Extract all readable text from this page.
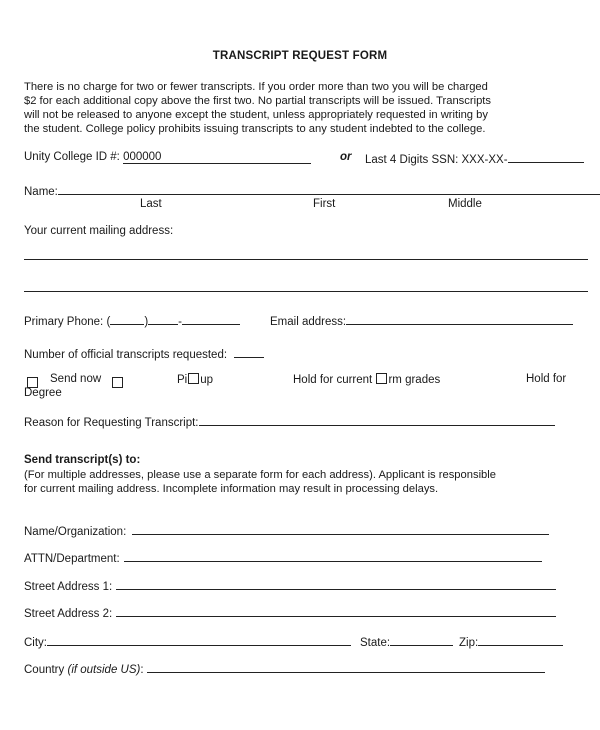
TRANSCRIPT REQUEST FORM
There is no charge for two or fewer transcripts. If you order more than two you will be charged
$2 for each additional copy above the first two. No partial transcripts will be issued. Transcripts
will not be released to anyone except the student, unless appropriately requested in writing by
the student. College policy prohibits issuing transcripts to any student indebted to the college.
Unity College ID #: 000000	or Last 4 Digits SSN: XXX-XX-
Name:
Last	First	Middle
Your current mailing address:
Primary Phone: (	)	-	Email address:
Number of official transcripts requested:
Send now	Pi up	Hold for current rm grades	Hold for
Degree
Reason for Requesting Transcript:
Send transcript(s) to:
(For multiple addresses, please use a separate form for each address). Applicant is responsible
for current mailing address. Incomplete information may result in processing delays.
Name/Organization:
ATTN/Department:
Street Address 1:
Street Address 2:
City:	State:	Zip:
Country (if outside US):
